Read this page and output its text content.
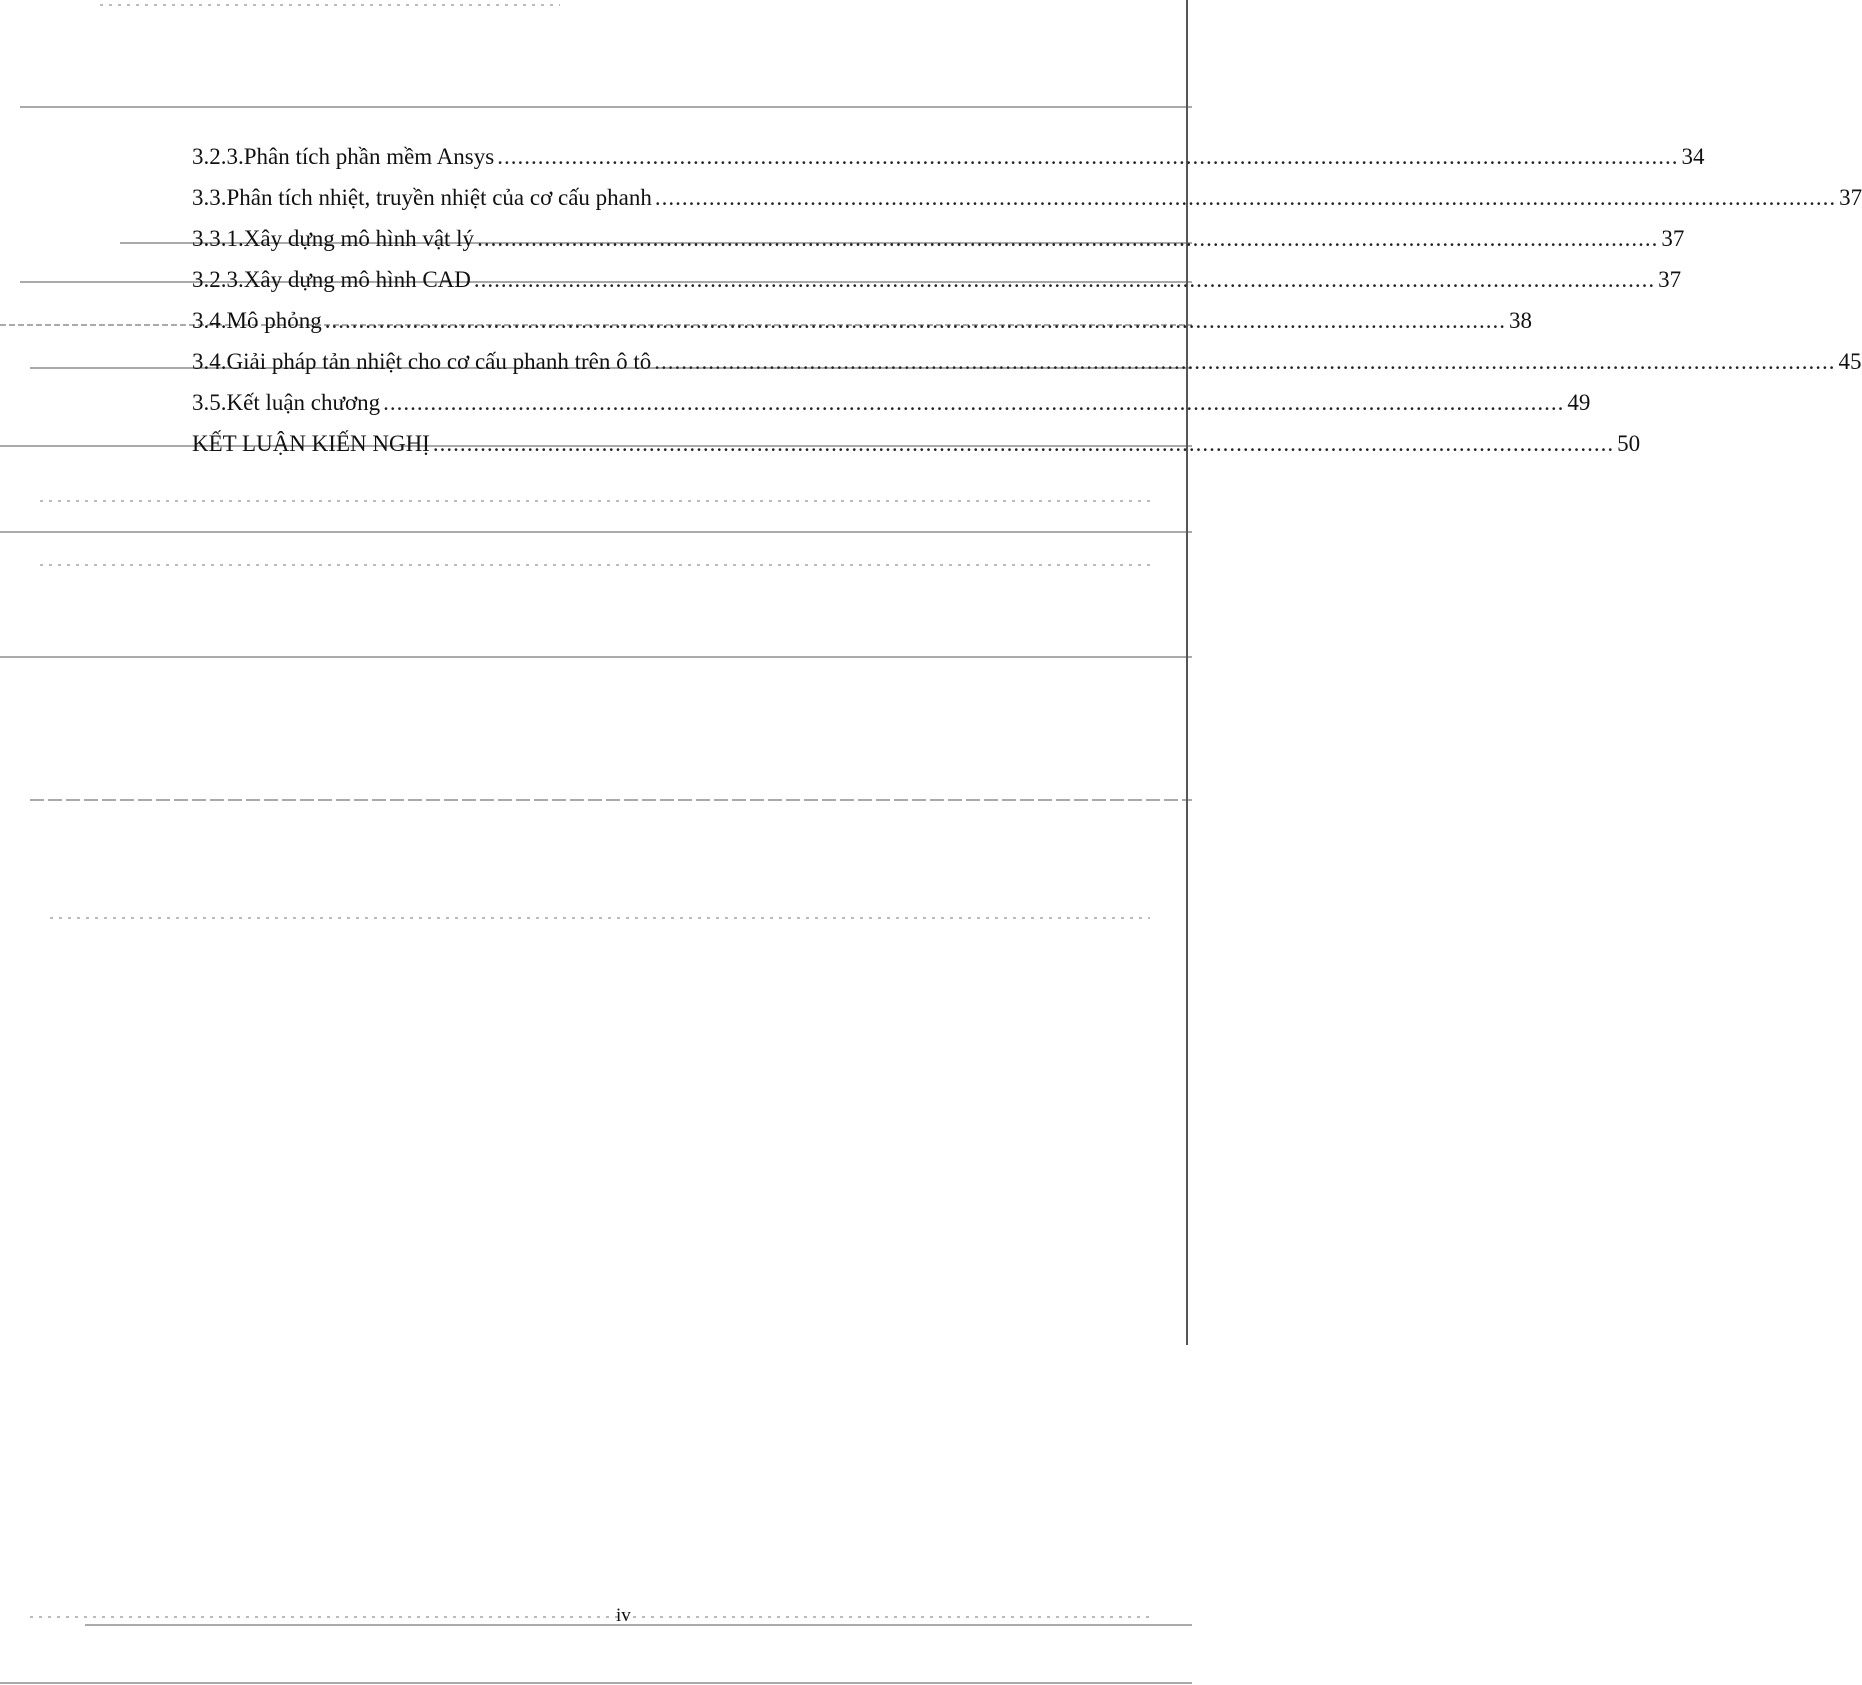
3.2.3.Phân tích phần mềm Ansys ............................................................................................................................................................................... 34
3.3.Phân tích nhiệt, truyền nhiệt của cơ cấu phanh ............................................................................................................................................................................... 37
3.3.1.Xây dựng mô hình vật lý ............................................................................................................................................................................... 37
3.2.3.Xây dựng mô hình CAD ............................................................................................................................................................................... 37
3.4.Mô phỏng ............................................................................................................................................................................... 38
3.4.Giải pháp tản nhiệt cho cơ cấu phanh trên ô tô ............................................................................................................................................................................... 45
3.5.Kết luận chương ............................................................................................................................................................................... 49
KẾT LUẬN KIẾN NGHỊ ............................................................................................................................................................................... 50
iv
